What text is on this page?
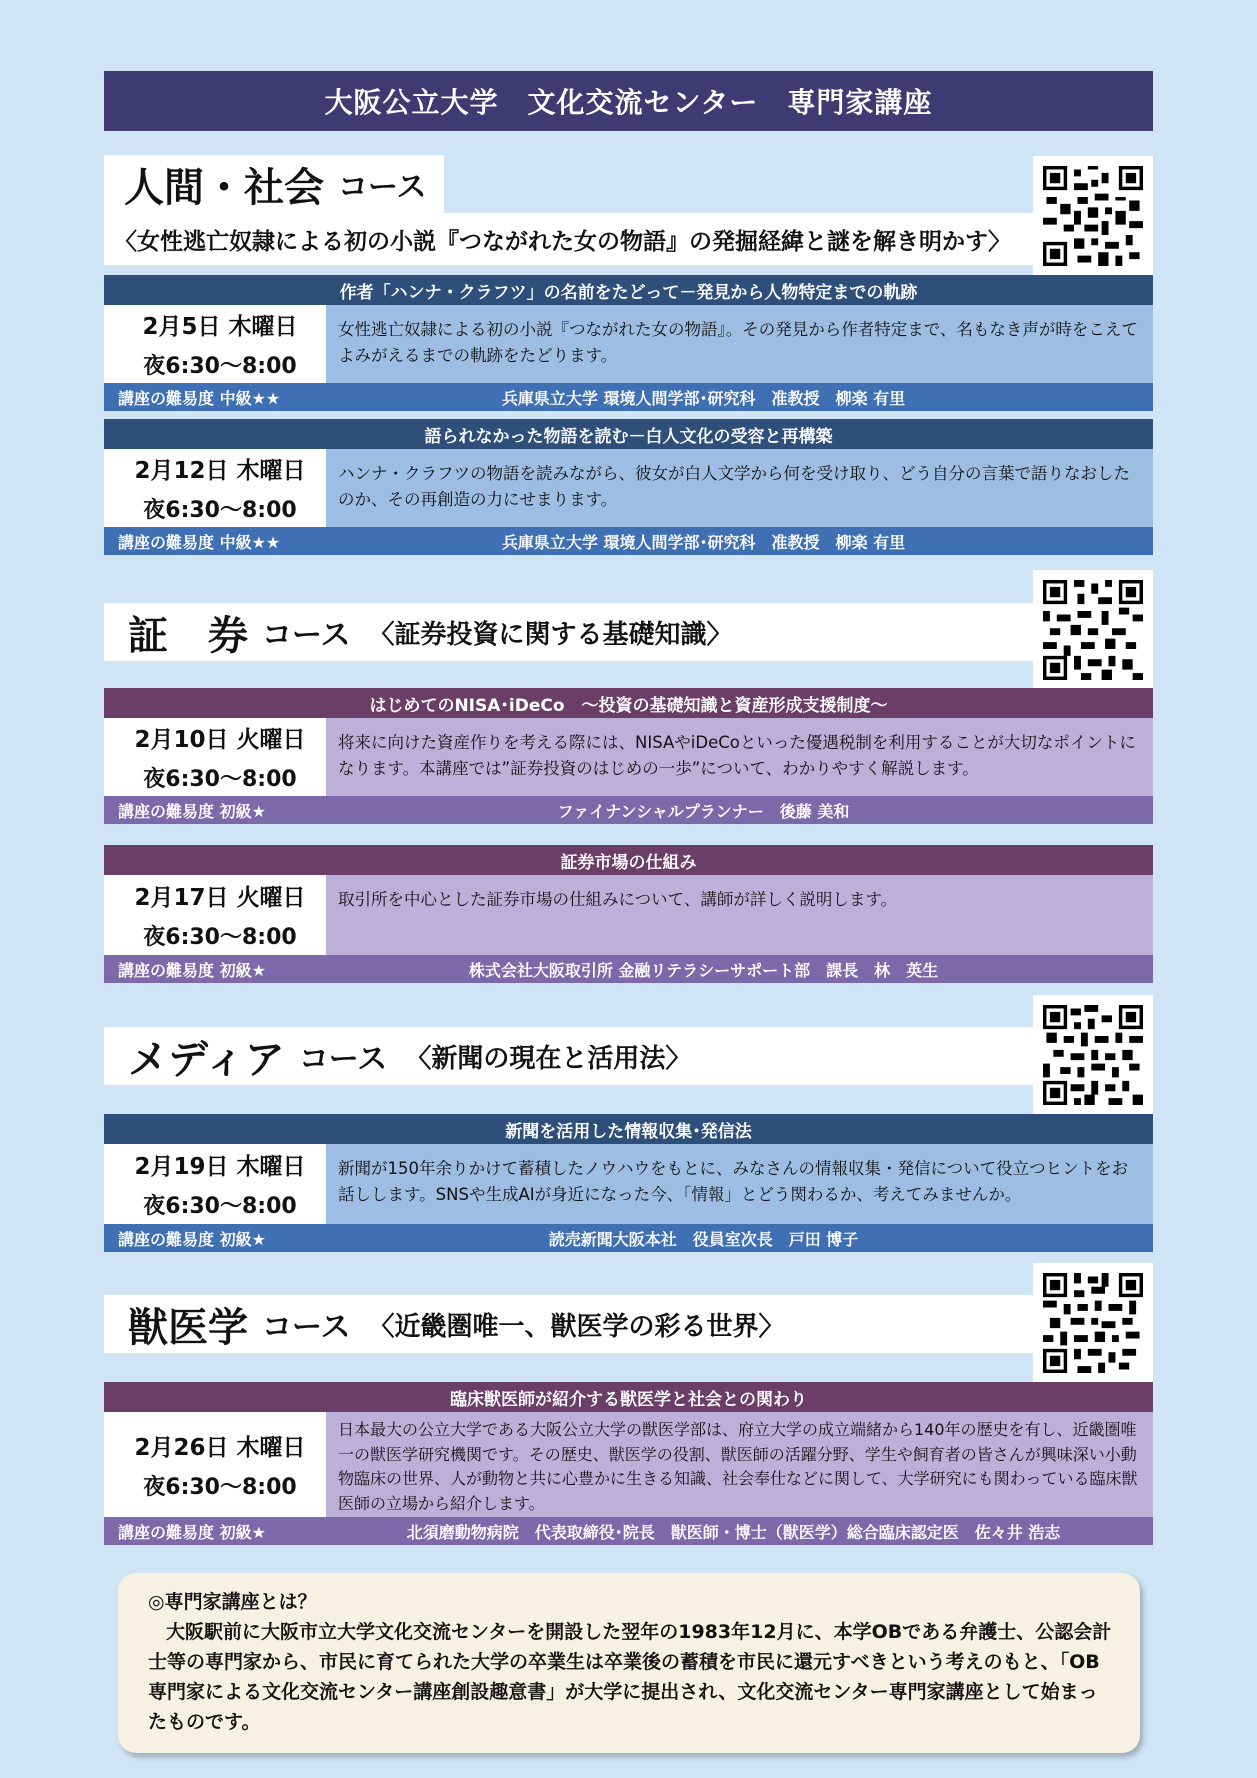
大阪公立大学　文化交流センター　専門家講座
人間・社会 コース
〈女性逃亡奴隷による初の小説『つながれた女の物語』の発掘経緯と謎を解き明かす〉
作者「ハンナ・クラフツ」の名前をたどって－発見から人物特定までの軌跡
2月5日 木曜日
夜6:30～8:00
女性逃亡奴隷による初の小説『つながれた女の物語』。その発見から作者特定まで、名もなき声が時をこえてよみがえるまでの軌跡をたどります。
講座の難易度 中級★★	兵庫県立大学 環境人間学部･研究科　准教授　柳楽 有里
語られなかった物語を読む－白人文化の受容と再構築
2月12日 木曜日
夜6:30～8:00
ハンナ・クラフツの物語を読みながら、彼女が白人文学から何を受け取り、どう自分の言葉で語りなおしたのか、その再創造の力にせまります。
講座の難易度 中級★★	兵庫県立大学 環境人間学部･研究科　准教授　柳楽 有里
証　券 コース 〈証券投資に関する基礎知識〉
はじめてのNISA･iDeCo　～投資の基礎知識と資産形成支援制度～
2月10日 火曜日
夜6:30～8:00
将来に向けた資産作りを考える際には、NISAやiDeCoといった優遇税制を利用することが大切なポイントになります。本講座では”証券投資のはじめの一歩”について、わかりやすく解説します。
講座の難易度 初級★	ファイナンシャルプランナー　後藤 美和
証券市場の仕組み
2月17日 火曜日
夜6:30～8:00
取引所を中心とした証券市場の仕組みについて、講師が詳しく説明します。
講座の難易度 初級★	株式会社大阪取引所 金融リテラシーサポート部　課長　林　英生
メディア コース 〈新聞の現在と活用法〉
新聞を活用した情報収集･発信法
2月19日 木曜日
夜6:30～8:00
新聞が150年余りかけて蓄積したノウハウをもとに、みなさんの情報収集・発信について役立つヒントをお話しします。SNSや生成AIが身近になった今、「情報」とどう関わるか、考えてみませんか。
講座の難易度 初級★	読売新聞大阪本社　役員室次長　戸田 博子
獣医学 コース 〈近畿圏唯一、獣医学の彩る世界〉
臨床獣医師が紹介する獣医学と社会との関わり
2月26日 木曜日
夜6:30～8:00
日本最大の公立大学である大阪公立大学の獣医学部は、府立大学の成立端緒から140年の歴史を有し、近畿圏唯一の獣医学研究機関です。その歴史、獣医学の役割、獣医師の活躍分野、学生や飼育者の皆さんが興味深い小動物臨床の世界、人が動物と共に心豊かに生きる知識、社会奉仕などに関して、大学研究にも関わっている臨床獣医師の立場から紹介します。
講座の難易度 初級★	北須磨動物病院　代表取締役･院長　獣医師・博士（獣医学）総合臨床認定医　佐々井 浩志
◎専門家講座とは？
大阪駅前に大阪市立大学文化交流センターを開設した翌年の1983年12月に、本学OBである弁護士、公認会計士等の専門家から、市民に育てられた大学の卒業生は卒業後の蓄積を市民に還元すべきという考えのもと、「OB専門家による文化交流センター講座創設趣意書」が大学に提出され、文化交流センター専門家講座として始まったものです。
